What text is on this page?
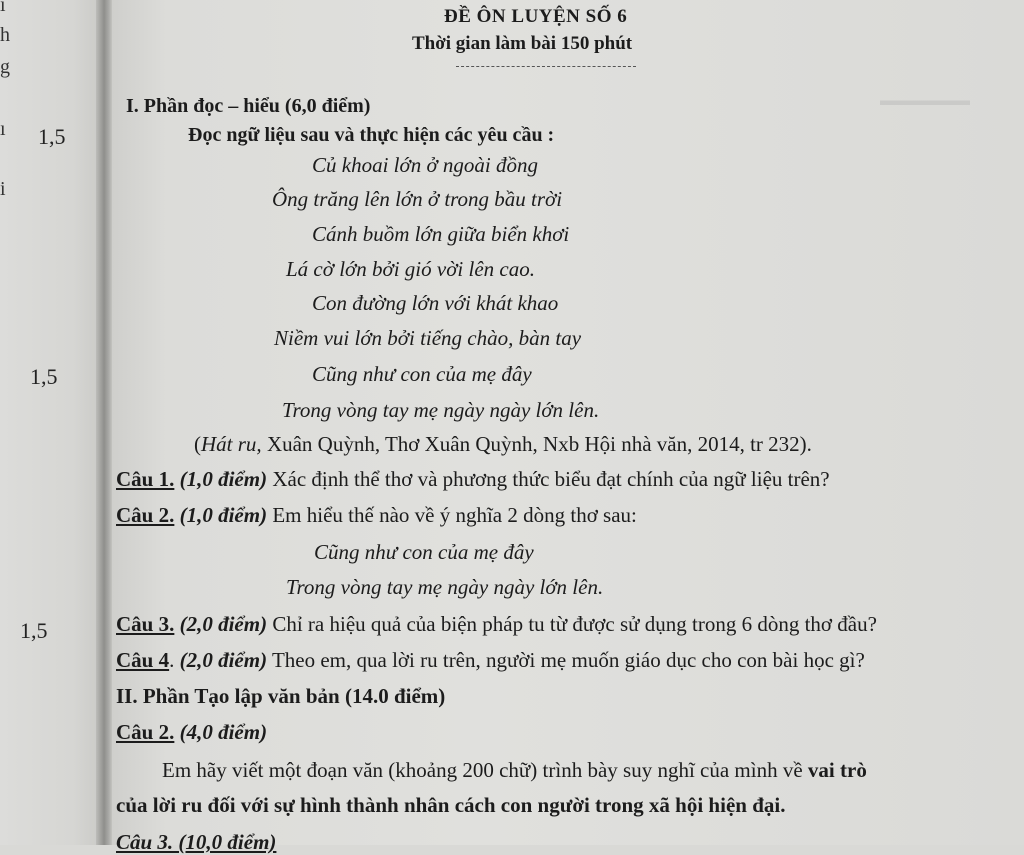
▬▬▬▬▬▬
ı
h
g
ı
i
1,5
1,5
1,5
ĐỀ ÔN LUYỆN SỐ 6
Thời gian làm bài 150 phút
I. Phần đọc – hiểu (6,0 điểm)
Đọc ngữ liệu sau và thực hiện các yêu cầu :
Củ khoai lớn ở ngoài đồng
Ông trăng lên lớn ở trong bầu trời
Cánh buồm lớn giữa biển khơi
Lá cờ lớn bởi gió vời lên cao.
Con đường lớn với khát khao
Niềm vui lớn bởi tiếng chào, bàn tay
Cũng như con của mẹ đây
Trong vòng tay mẹ ngày ngày lớn lên.
(Hát ru, Xuân Quỳnh, Thơ Xuân Quỳnh, Nxb Hội nhà văn, 2014, tr 232).
Câu 1. (1,0 điểm) Xác định thể thơ và phương thức biểu đạt chính của ngữ liệu trên?
Câu 2. (1,0 điểm) Em hiểu thế nào về ý nghĩa 2 dòng thơ sau:
Cũng như con của mẹ đây
Trong vòng tay mẹ ngày ngày lớn lên.
Câu 3. (2,0 điểm) Chỉ ra hiệu quả của biện pháp tu từ được sử dụng trong 6 dòng thơ đầu?
Câu 4. (2,0 điểm) Theo em, qua lời ru trên, người mẹ muốn giáo dục cho con bài học gì?
II. Phần Tạo lập văn bản (14.0 điểm)
Câu 2. (4,0 điểm)
Em hãy viết một đoạn văn (khoảng 200 chữ) trình bày suy nghĩ của mình về vai trò
của lời ru đối với sự hình thành nhân cách con người trong xã hội hiện đại.
Câu 3. (10,0 điểm)
